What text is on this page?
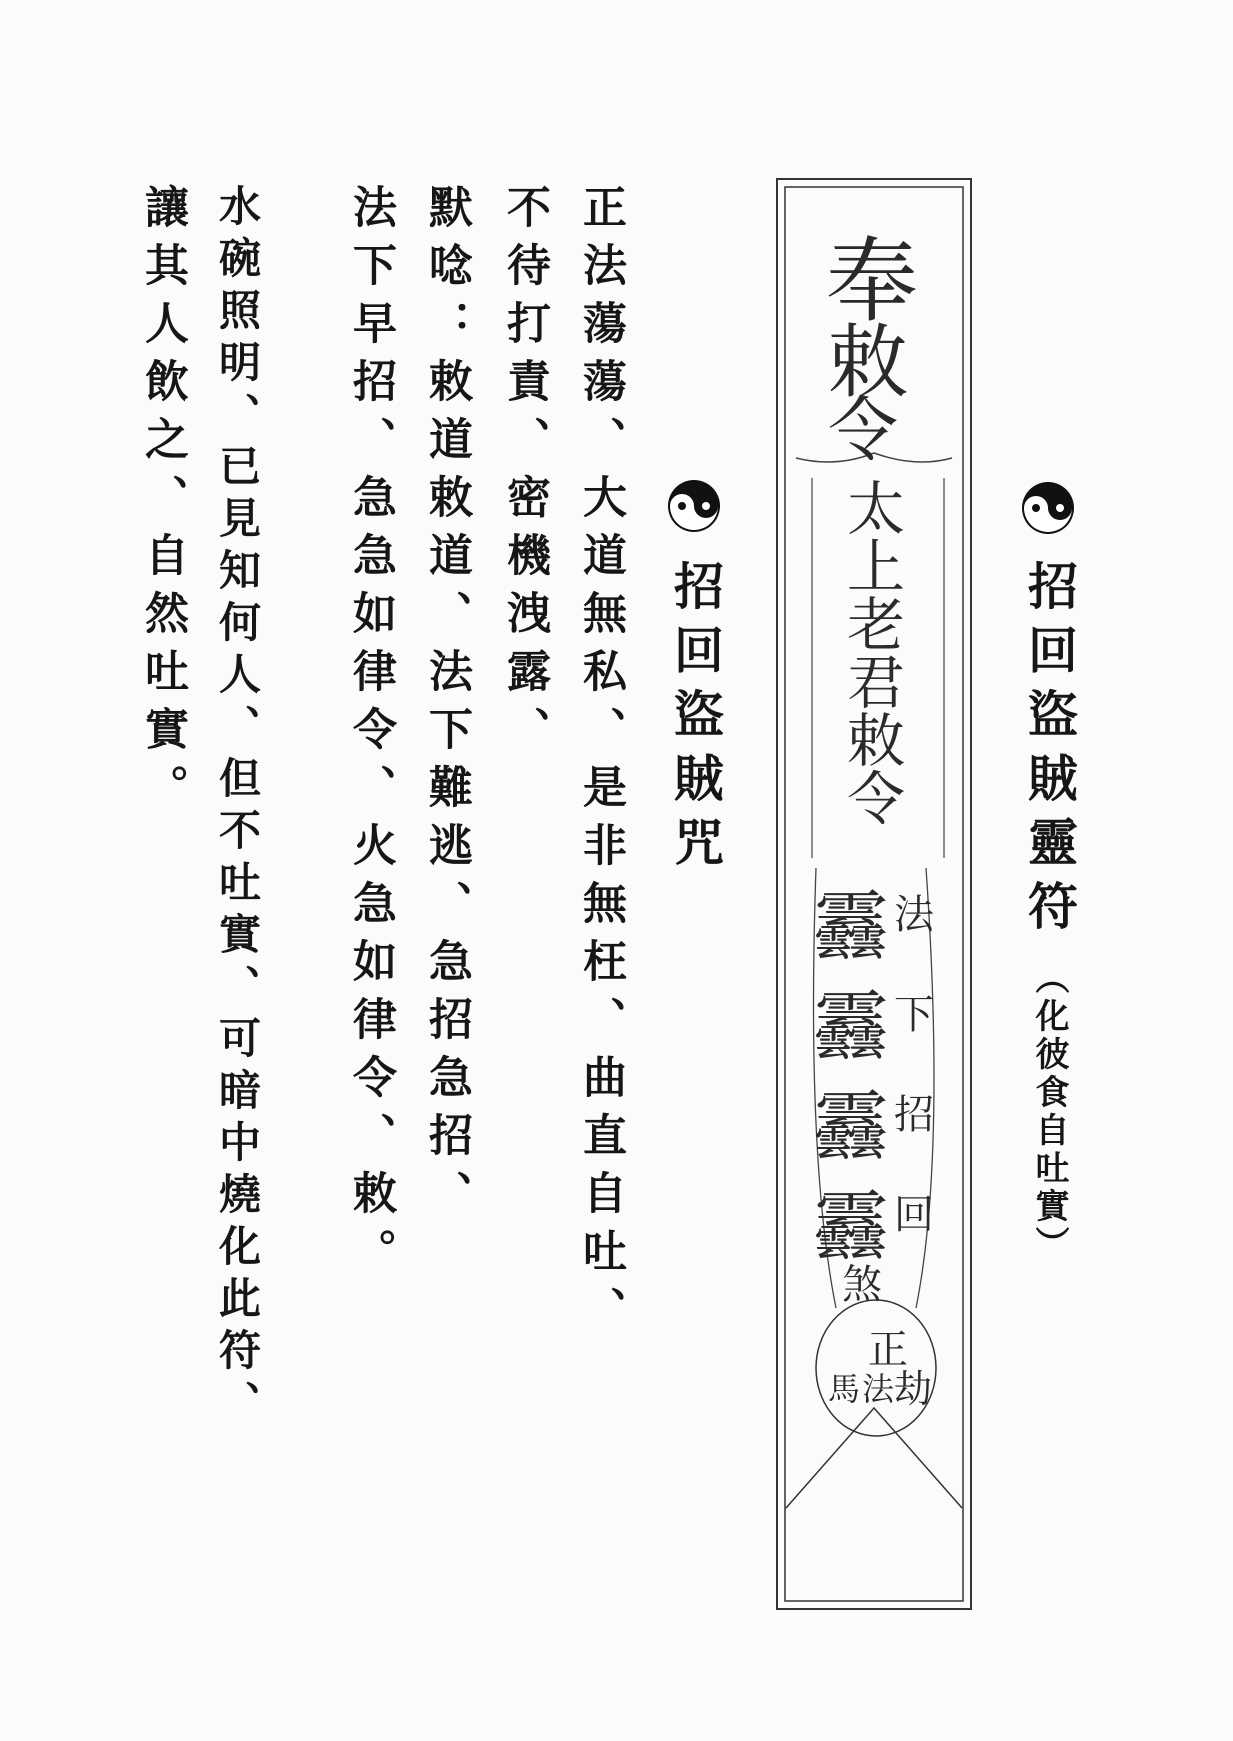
招回盜賊靈符
（化彼食自吐實）
奉
敕
令
太上老君敕令
䨺 法
䨺 下
䨺 招
䨺 回
煞
正
法
馬 劫
招回盜賊咒
正法蕩蕩、大道無私、是非無枉、曲直自吐、
不待打責、密機洩露、
默唸：敕道敕道、法下難逃、急招急招、
法下早招、急急如律令、火急如律令、敕。
水碗照明、已見知何人、但不吐實、可暗中燒化此符、
讓其人飲之、自然吐實。
